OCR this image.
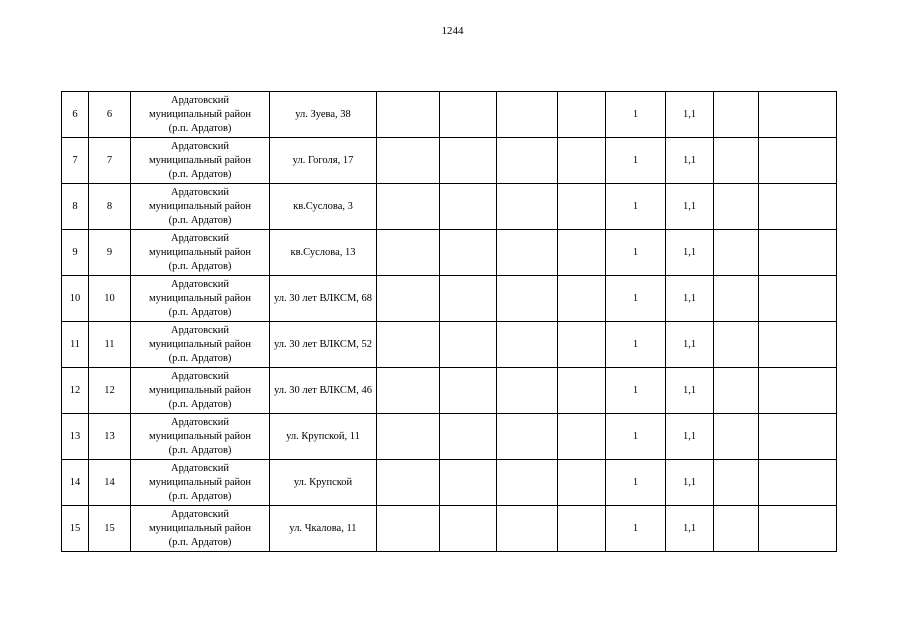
1244
6	6	Ардатовский
муниципальный район
(р.п. Ардатов)	ул. Зуева, 38					1	1,1		
7	7	Ардатовский
муниципальный район
(р.п. Ардатов)	ул. Гоголя, 17					1	1,1		
8	8	Ардатовский
муниципальный район
(р.п. Ардатов)	кв.Суслова, 3					1	1,1		
9	9	Ардатовский
муниципальный район
(р.п. Ардатов)	кв.Суслова, 13					1	1,1		
10	10	Ардатовский
муниципальный район
(р.п. Ардатов)	ул. 30 лет ВЛКСМ, 68					1	1,1		
11	11	Ардатовский
муниципальный район
(р.п. Ардатов)	ул. 30 лет ВЛКСМ, 52					1	1,1		
12	12	Ардатовский
муниципальный район
(р.п. Ардатов)	ул. 30 лет ВЛКСМ, 46					1	1,1		
13	13	Ардатовский
муниципальный район
(р.п. Ардатов)	ул. Крупской, 11					1	1,1		
14	14	Ардатовский
муниципальный район
(р.п. Ардатов)	ул. Крупской					1	1,1		
15	15	Ардатовский
муниципальный район
(р.п. Ардатов)	ул. Чкалова, 11					1	1,1		
